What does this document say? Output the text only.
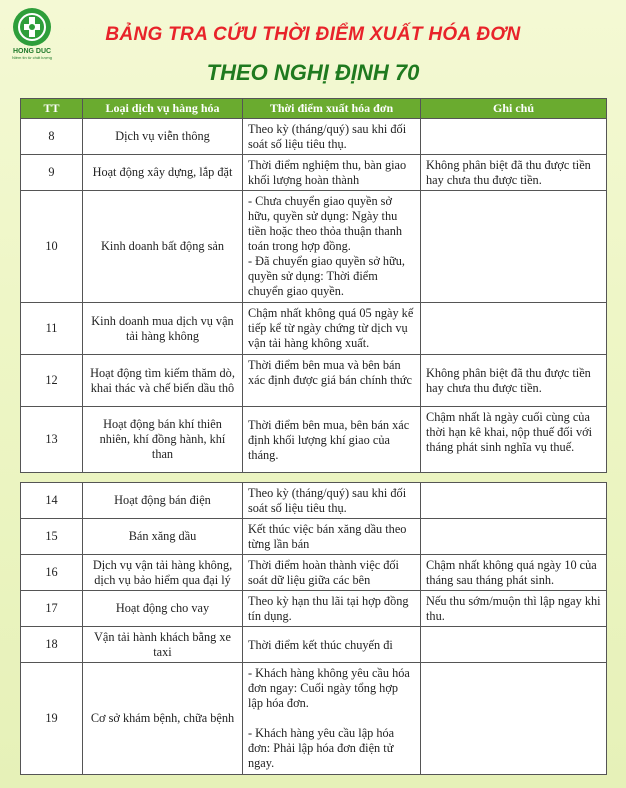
HONG DUC
Niềm tin từ chất lượng
BẢNG TRA CỨU THỜI ĐIỂM XUẤT HÓA ĐƠN
THEO NGHỊ ĐỊNH 70
TT	Loại dịch vụ hàng hóa	Thời điểm xuất hóa đơn	Ghi chú
8	Dịch vụ viễn thông	Theo kỳ (tháng/quý) sau khi đối soát số liệu tiêu thụ.	
9	Hoạt động xây dựng, lắp đặt	Thời điểm nghiệm thu, bàn giao khối lượng hoàn thành	Không phân biệt đã thu được tiền hay chưa thu được tiền.
10	Kinh doanh bất động sản	- Chưa chuyển giao quyền sở hữu, quyền sử dụng: Ngày thu tiền hoặc theo thỏa thuận thanh toán trong hợp đồng.
- Đã chuyển giao quyền sở hữu, quyền sử dụng: Thời điểm chuyển giao quyền.	
11	Kinh doanh mua dịch vụ vận tải hàng không	Chậm nhất không quá 05 ngày kế tiếp kể từ ngày chứng từ dịch vụ vận tải hàng không xuất.	
12	Hoạt động tìm kiếm thăm dò, khai thác và chế biến dầu thô	Thời điểm bên mua và bên bán xác định được giá bán chính thức	Không phân biệt đã thu được tiền hay chưa thu được tiền.
13	Hoạt động bán khí thiên nhiên, khí đồng hành, khí than	Thời điểm bên mua, bên bán xác định khối lượng khí giao của tháng.	Chậm nhất là ngày cuối cùng của thời hạn kê khai, nộp thuế đối với tháng phát sinh nghĩa vụ thuế.
14	Hoạt động bán điện	Theo kỳ (tháng/quý) sau khi đối soát số liệu tiêu thụ.	
15	Bán xăng dầu	Kết thúc việc bán xăng dầu theo từng lần bán	
16	Dịch vụ vận tải hàng không, dịch vụ bảo hiểm qua đại lý	Thời điểm hoàn thành việc đối soát dữ liệu giữa các bên	Chậm nhất không quá ngày 10 của tháng sau tháng phát sinh.
17	Hoạt động cho vay	Theo kỳ hạn thu lãi tại hợp đồng tín dụng.	Nếu thu sớm/muộn thì lập ngay khi thu.
18	Vận tải hành khách bằng xe taxi	Thời điểm kết thúc chuyến đi	
19	Cơ sở khám bệnh, chữa bệnh	- Khách hàng không yêu cầu hóa đơn ngay: Cuối ngày tổng hợp lập hóa đơn.

- Khách hàng yêu cầu lập hóa đơn: Phải lập hóa đơn điện tử ngay.	
